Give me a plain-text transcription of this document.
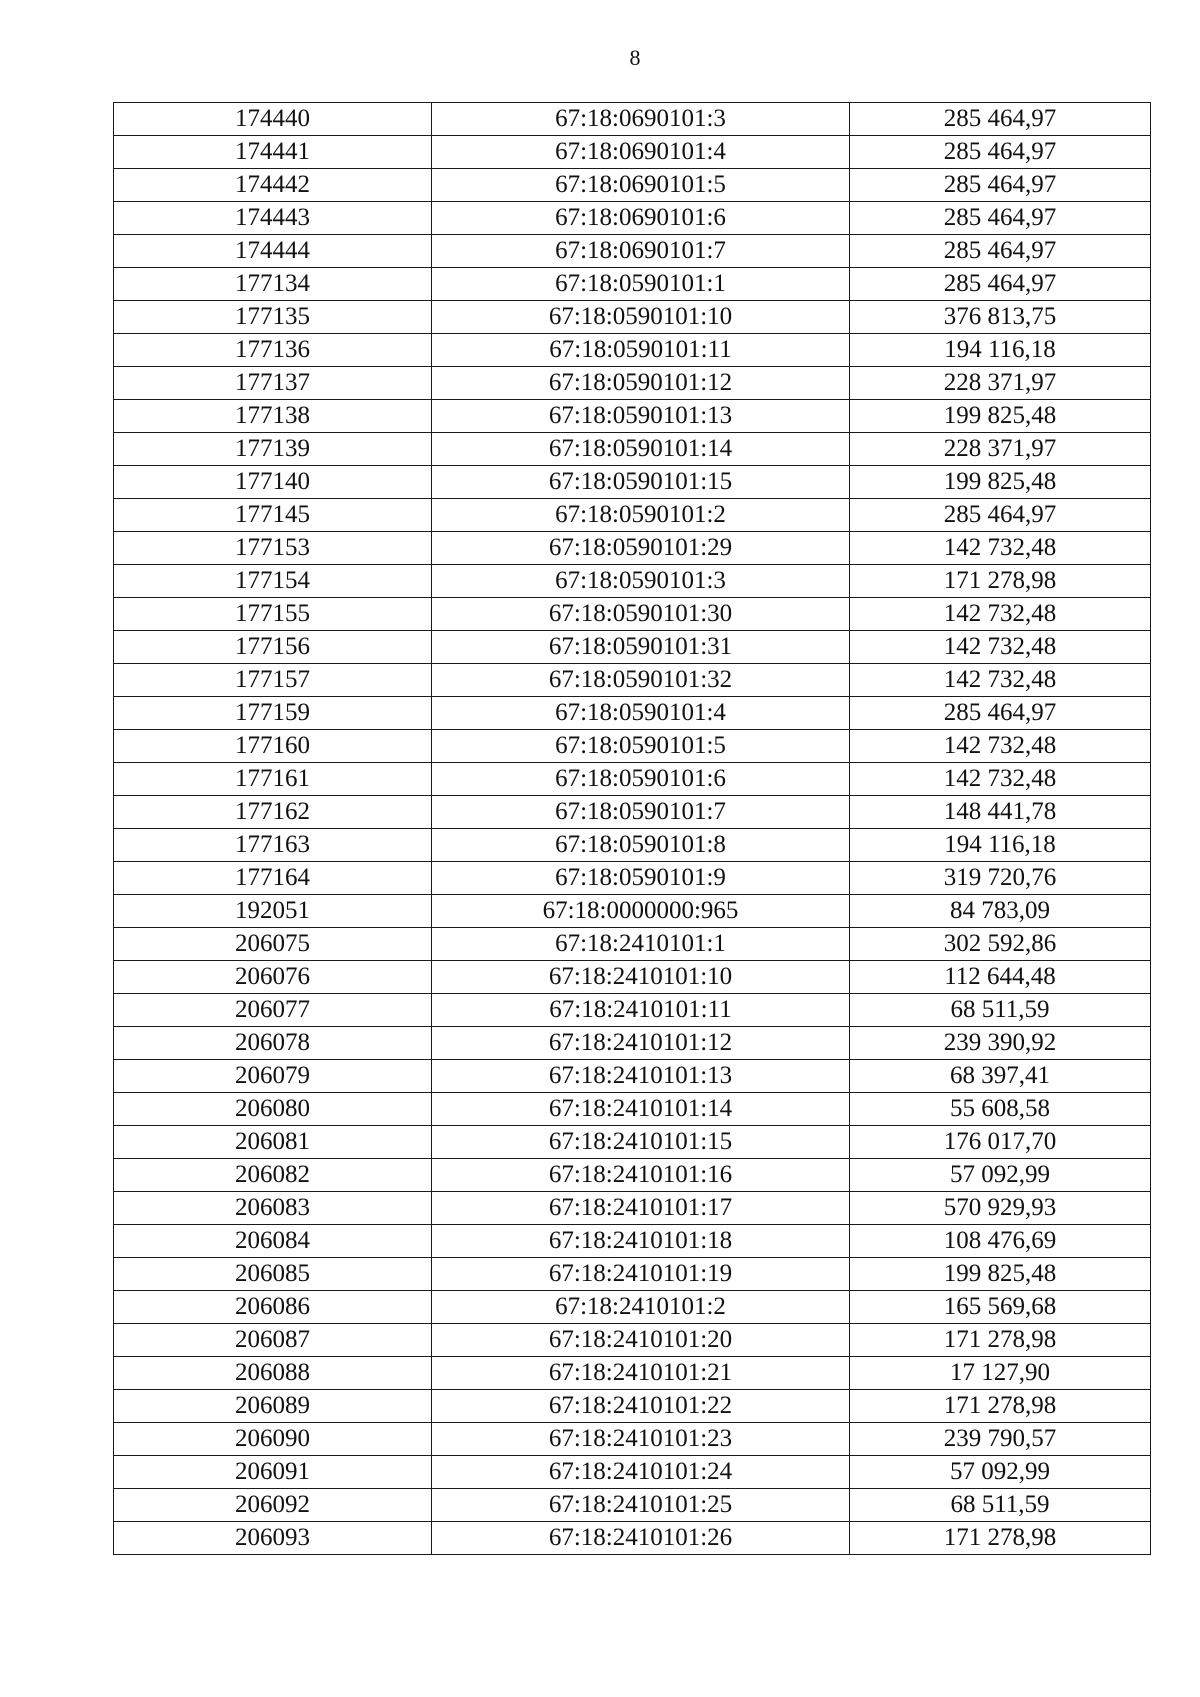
8
174440	67:18:0690101:3	285 464,97
174441	67:18:0690101:4	285 464,97
174442	67:18:0690101:5	285 464,97
174443	67:18:0690101:6	285 464,97
174444	67:18:0690101:7	285 464,97
177134	67:18:0590101:1	285 464,97
177135	67:18:0590101:10	376 813,75
177136	67:18:0590101:11	194 116,18
177137	67:18:0590101:12	228 371,97
177138	67:18:0590101:13	199 825,48
177139	67:18:0590101:14	228 371,97
177140	67:18:0590101:15	199 825,48
177145	67:18:0590101:2	285 464,97
177153	67:18:0590101:29	142 732,48
177154	67:18:0590101:3	171 278,98
177155	67:18:0590101:30	142 732,48
177156	67:18:0590101:31	142 732,48
177157	67:18:0590101:32	142 732,48
177159	67:18:0590101:4	285 464,97
177160	67:18:0590101:5	142 732,48
177161	67:18:0590101:6	142 732,48
177162	67:18:0590101:7	148 441,78
177163	67:18:0590101:8	194 116,18
177164	67:18:0590101:9	319 720,76
192051	67:18:0000000:965	84 783,09
206075	67:18:2410101:1	302 592,86
206076	67:18:2410101:10	112 644,48
206077	67:18:2410101:11	68 511,59
206078	67:18:2410101:12	239 390,92
206079	67:18:2410101:13	68 397,41
206080	67:18:2410101:14	55 608,58
206081	67:18:2410101:15	176 017,70
206082	67:18:2410101:16	57 092,99
206083	67:18:2410101:17	570 929,93
206084	67:18:2410101:18	108 476,69
206085	67:18:2410101:19	199 825,48
206086	67:18:2410101:2	165 569,68
206087	67:18:2410101:20	171 278,98
206088	67:18:2410101:21	17 127,90
206089	67:18:2410101:22	171 278,98
206090	67:18:2410101:23	239 790,57
206091	67:18:2410101:24	57 092,99
206092	67:18:2410101:25	68 511,59
206093	67:18:2410101:26	171 278,98
